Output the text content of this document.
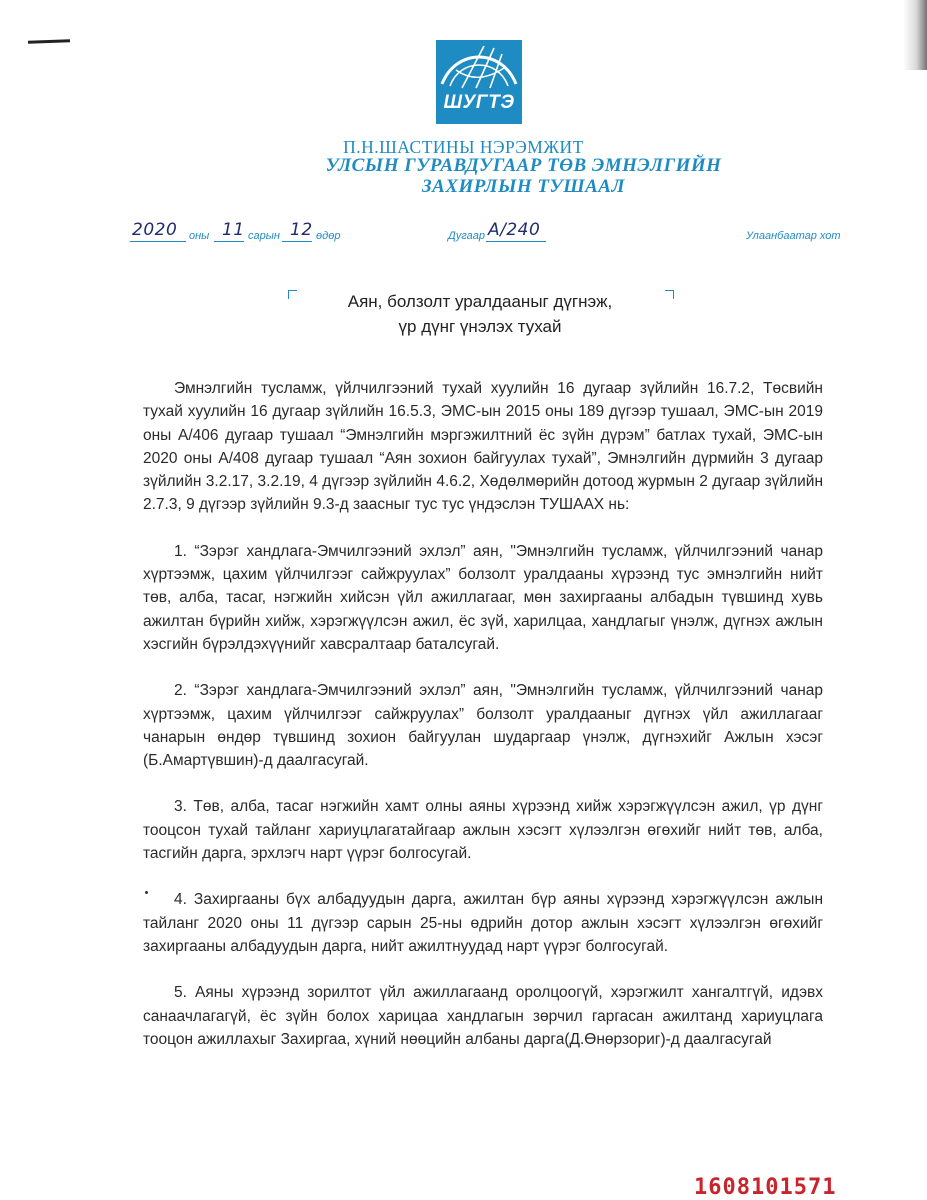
ШУГТЭ
П.Н.ШАСТИНЫ НЭРЭМЖИТ
УЛСЫН ГУРАВДУГААР ТӨВ ЭМНЭЛГИЙН
ЗАХИРЛЫН ТУШААЛ
2020 оны 11 сарын 12 өдөр	Дугаар A/240	Улаанбаатар хот
Аян, болзолт уралдааныг дүгнэж,
үр дүнг үнэлэх тухай

Эмнэлгийн тусламж, үйлчилгээний тухай хуулийн 16 дугаар зүйлийн 16.7.2, Төсвийн тухай хуулийн 16 дугаар зүйлийн 16.5.3, ЭМС-ын 2015 оны 189 дүгээр тушаал, ЭМС-ын 2019 оны А/406 дугаар тушаал “Эмнэлгийн мэргэжилтний ёс зүйн дүрэм” батлах тухай, ЭМС-ын 2020 оны А/408 дугаар тушаал “Аян зохион байгуулах тухай”, Эмнэлгийн дүрмийн 3 дугаар зүйлийн 3.2.17, 3.2.19, 4 дүгээр зүйлийн 4.6.2, Хөдөлмөрийн дотоод журмын 2 дугаар зүйлийн 2.7.3, 9 дүгээр зүйлийн 9.3-д заасныг тус тус үндэслэн ТУШААХ нь:

1. “Зэрэг хандлага-Эмчилгээний эхлэл” аян, "Эмнэлгийн тусламж, үйлчилгээний чанар хүртээмж, цахим үйлчилгээг сайжруулах” болзолт уралдааны хүрээнд тус эмнэлгийн нийт төв, алба, тасаг, нэгжийн хийсэн үйл ажиллагааг, мөн захиргааны албадын түвшинд хувь ажилтан бүрийн хийж, хэрэгжүүлсэн ажил, ёс зүй, харилцаа, хандлагыг үнэлж, дүгнэх ажлын хэсгийн бүрэлдэхүүнийг хавсралтаар баталсугай.

2. “Зэрэг хандлага-Эмчилгээний эхлэл” аян, "Эмнэлгийн тусламж, үйлчилгээний чанар хүртээмж, цахим үйлчилгээг сайжруулах” болзолт уралдааныг дүгнэх үйл ажиллагааг чанарын өндөр түвшинд зохион байгуулан шударгаар үнэлж, дүгнэхийг Ажлын хэсэг (Б.Амартүвшин)-д даалгасугай.

3. Төв, алба, тасаг нэгжийн хамт олны аяны хүрээнд хийж хэрэгжүүлсэн ажил, үр дүнг тооцсон тухай тайланг хариуцлагатайгаар ажлын хэсэгт хүлээлгэн өгөхийг нийт төв, алба, тасгийн дарга, эрхлэгч нарт үүрэг болгосугай.

4. Захиргааны бүх албадуудын дарга, ажилтан бүр аяны хүрээнд хэрэгжүүлсэн ажлын тайланг 2020 оны 11 дүгээр сарын 25-ны өдрийн дотор ажлын хэсэгт хүлээлгэн өгөхийг захиргааны албадуудын дарга, нийт ажилтнуудад нарт үүрэг болгосугай.

5. Аяны хүрээнд зорилтот үйл ажиллагаанд оролцоогүй, хэрэгжилт хангалтгүй, идэвх санаачлагагүй, ёс зүйн болох харицаа хандлагын зөрчил гаргасан ажилтанд хариуцлага тооцон ажиллахыг Захиргаа, хүний нөөцийн албаны дарга(Д.Өнөрзориг)-д даалгасугай

1608101571
